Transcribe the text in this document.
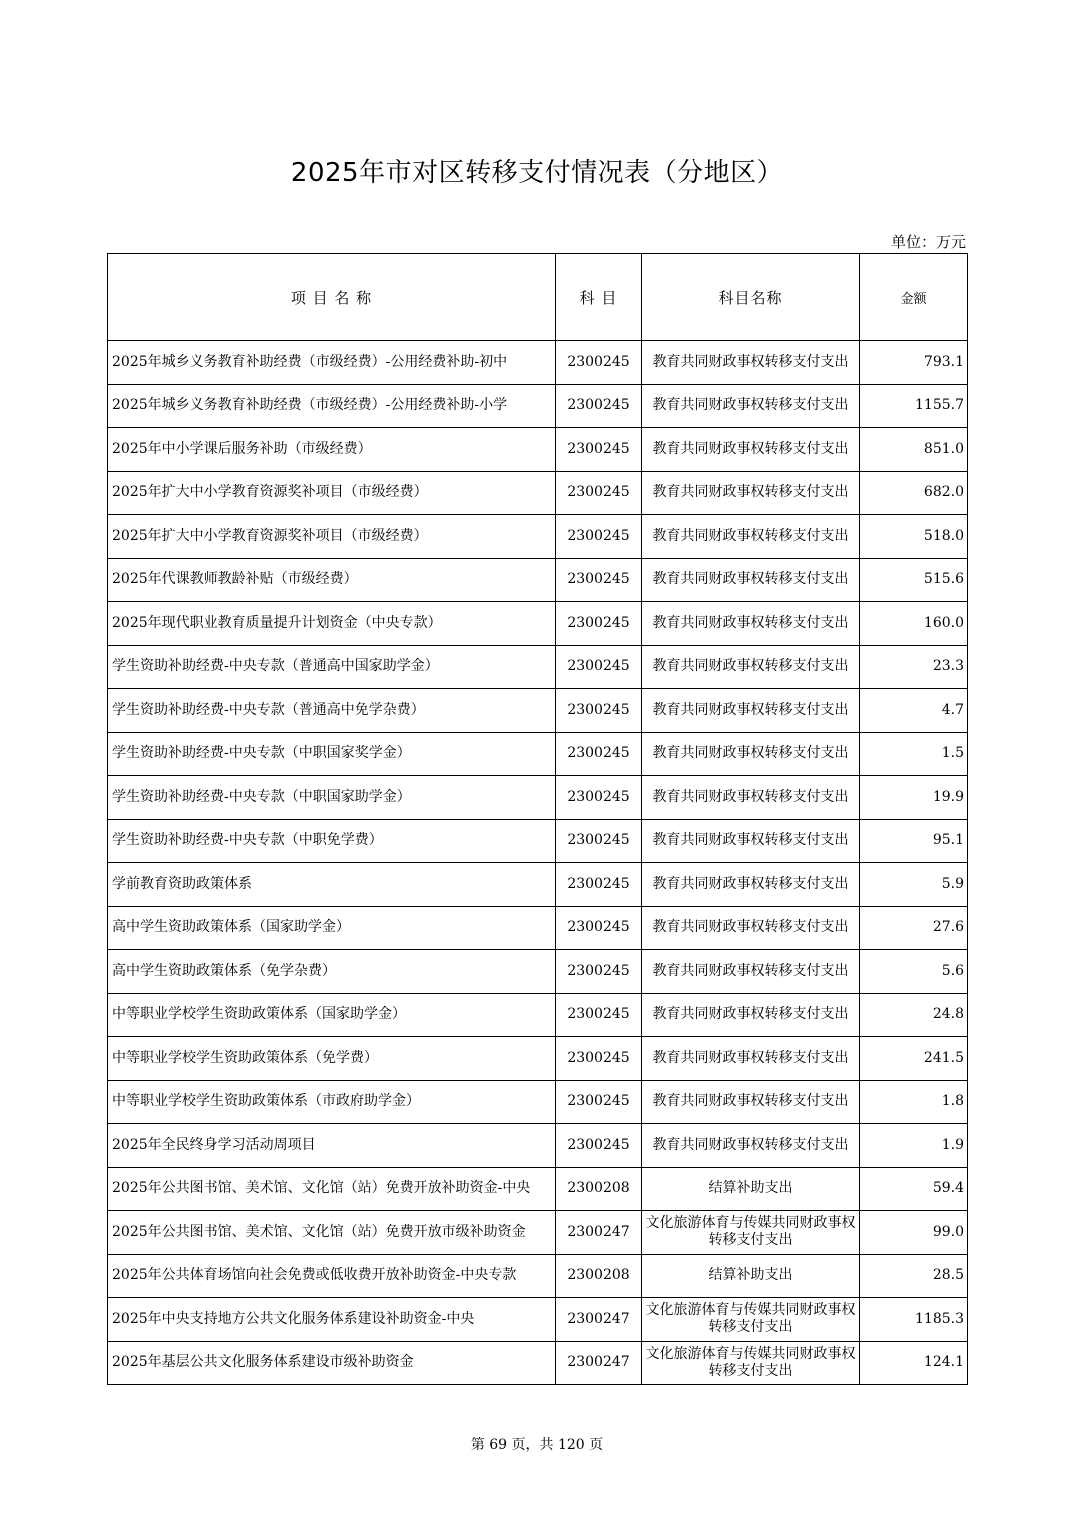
2025年市对区转移支付情况表（分地区）
单位：万元
项 目 名 称	科 目	科目名称	金额
2025年城乡义务教育补助经费（市级经费）-公用经费补助-初中	2300245	教育共同财政事权转移支付支出	793.1
2025年城乡义务教育补助经费（市级经费）-公用经费补助-小学	2300245	教育共同财政事权转移支付支出	1155.7
2025年中小学课后服务补助（市级经费）	2300245	教育共同财政事权转移支付支出	851.0
2025年扩大中小学教育资源奖补项目（市级经费）	2300245	教育共同财政事权转移支付支出	682.0
2025年扩大中小学教育资源奖补项目（市级经费）	2300245	教育共同财政事权转移支付支出	518.0
2025年代课教师教龄补贴（市级经费）	2300245	教育共同财政事权转移支付支出	515.6
2025年现代职业教育质量提升计划资金（中央专款）	2300245	教育共同财政事权转移支付支出	160.0
学生资助补助经费-中央专款（普通高中国家助学金）	2300245	教育共同财政事权转移支付支出	23.3
学生资助补助经费-中央专款（普通高中免学杂费）	2300245	教育共同财政事权转移支付支出	4.7
学生资助补助经费-中央专款（中职国家奖学金）	2300245	教育共同财政事权转移支付支出	1.5
学生资助补助经费-中央专款（中职国家助学金）	2300245	教育共同财政事权转移支付支出	19.9
学生资助补助经费-中央专款（中职免学费）	2300245	教育共同财政事权转移支付支出	95.1
学前教育资助政策体系	2300245	教育共同财政事权转移支付支出	5.9
高中学生资助政策体系（国家助学金）	2300245	教育共同财政事权转移支付支出	27.6
高中学生资助政策体系（免学杂费）	2300245	教育共同财政事权转移支付支出	5.6
中等职业学校学生资助政策体系（国家助学金）	2300245	教育共同财政事权转移支付支出	24.8
中等职业学校学生资助政策体系（免学费）	2300245	教育共同财政事权转移支付支出	241.5
中等职业学校学生资助政策体系（市政府助学金）	2300245	教育共同财政事权转移支付支出	1.8
2025年全民终身学习活动周项目	2300245	教育共同财政事权转移支付支出	1.9
2025年公共图书馆、美术馆、文化馆（站）免费开放补助资金-中央	2300208	结算补助支出	59.4
2025年公共图书馆、美术馆、文化馆（站）免费开放市级补助资金	2300247	文化旅游体育与传媒共同财政事权转移支付支出	99.0
2025年公共体育场馆向社会免费或低收费开放补助资金-中央专款	2300208	结算补助支出	28.5
2025年中央支持地方公共文化服务体系建设补助资金-中央	2300247	文化旅游体育与传媒共同财政事权转移支付支出	1185.3
2025年基层公共文化服务体系建设市级补助资金	2300247	文化旅游体育与传媒共同财政事权转移支付支出	124.1
第 69 页，共 120 页
